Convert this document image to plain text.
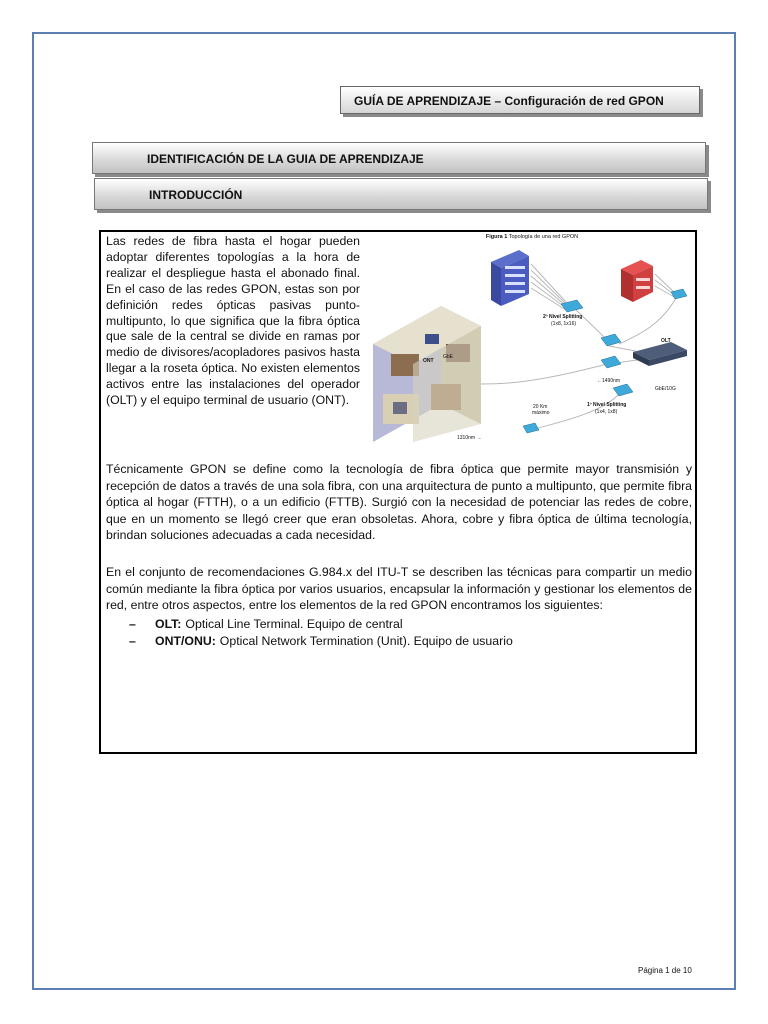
GUÍA DE APRENDIZAJE – Configuración de red GPON
IDENTIFICACIÓN DE LA GUIA DE APRENDIZAJE
INTRODUCCIÓN
Las redes de fibra hasta el hogar pueden adoptar diferentes topologías a la hora de realizar el despliegue hasta el abonado final. En el caso de las redes GPON, estas son por definición redes ópticas pasivas punto-multipunto, lo que significa que la fibra óptica que sale de la central se divide en ramas por medio de divisores/acopladores pasivos hasta llegar a la roseta óptica. No existen elementos activos entre las instalaciones del operador (OLT) y el equipo terminal de usuario (ONT).
Figura 1 Topología de una red GPON
2º Nivel Splitting
(1x8, 1x16)
OLT
1º Nivel Splitting
(1x4, 1x8)
←1490nm
1310nm →
20 Km
máximo
GbE/10G
ONT
GbE
Técnicamente GPON se define como la tecnología de fibra óptica que permite mayor transmisión y recepción de datos a través de una sola fibra, con una arquitectura de punto a multipunto, que permite fibra óptica al hogar (FTTH), o a un edificio (FTTB). Surgió con la necesidad de potenciar las redes de cobre, que en un momento se llegó creer que eran obsoletas. Ahora, cobre y fibra óptica de última tecnología, brindan soluciones adecuadas a cada necesidad.
En el conjunto de recomendaciones G.984.x del ITU-T se describen las técnicas para compartir un medio común mediante la fibra óptica por varios usuarios, encapsular la información y gestionar los elementos de red, entre otros aspectos, entre los elementos de la red GPON encontramos los siguientes:
–	OLT: Optical Line Terminal. Equipo de central
–	ONT/ONU: Optical Network Termination (Unit). Equipo de usuario
Página 1 de 10
